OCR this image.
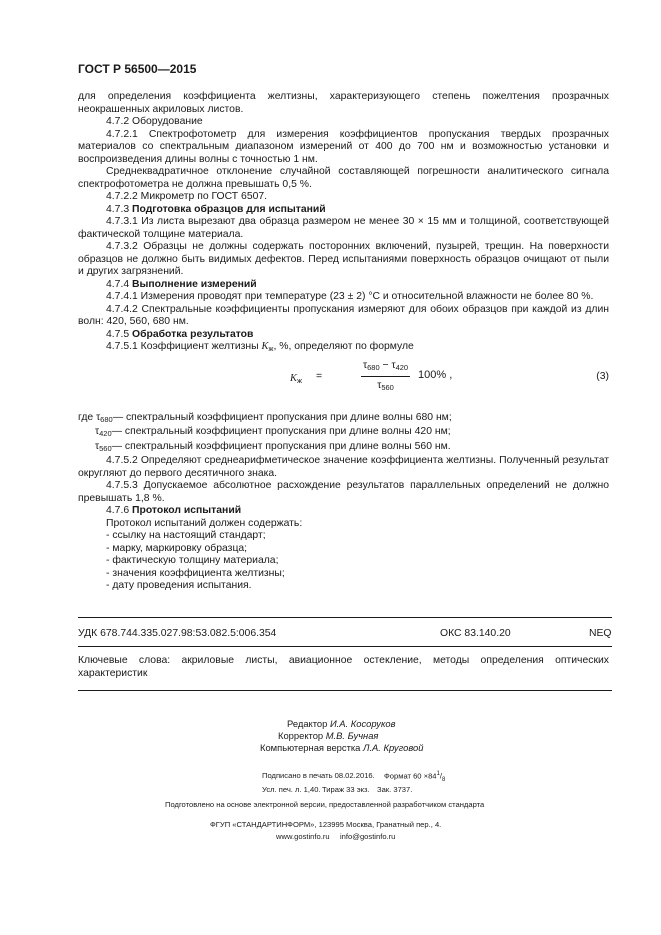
ГОСТ Р 56500—2015

для определения коэффициента желтизны, характеризующего степень пожелтения прозрачных неокрашенных акриловых листов.

4.7.2 Оборудование

4.7.2.1 Спектрофотометр для измерения коэффициентов пропускания твердых прозрачных материалов со спектральным диапазоном измерений от 400 до 700 нм и возможностью установки и воспроизведения длины волны с точностью 1 нм.

Среднеквадратичное отклонение случайной составляющей погрешности аналитического сигнала спектрофотометра не должна превышать 0,5 %.

4.7.2.2 Микрометр по ГОСТ 6507.

4.7.3 Подготовка образцов для испытаний

4.7.3.1 Из листа вырезают два образца размером не менее 30 × 15 мм и толщиной, соответствующей фактической толщине материала.

4.7.3.2 Образцы не должны содержать посторонних включений, пузырей, трещин. На поверхности образцов не должно быть видимых дефектов. Перед испытаниями поверхность образцов очищают от пыли и других загрязнений.

4.7.4 Выполнение измерений

4.7.4.1 Измерения проводят при температуре (23 ± 2) °С и относительной влажности не более 80 %.

4.7.4.2 Спектральные коэффициенты пропускания измеряют для обоих образцов при каждой из длин волн: 420, 560, 680 нм.

4.7.5 Обработка результатов

4.7.5.1 Коэффициент желтизны $K_ж$, %, определяют по формуле

$K_ж$ =	$\frac{\tau_{680} - \tau_{420}}{\tau_{560}} 100\%$ ,	(3)

где $\tau_{680}—$ спектральный коэффициент пропускания при длине волны 680 нм;

$\tau_{420}—$ спектральный коэффициент пропускания при длине волны 420 нм;

$\tau_{560}—$ спектральный коэффициент пропускания при длине волны 560 нм.

4.7.5.2 Определяют среднеарифметическое значение коэффициента желтизны. Полученный результат округляют до первого десятичного знака.

4.7.5.3 Допускаемое абсолютное расхождение результатов параллельных определений не должно превышать 1,8 %.

4.7.6 Протокол испытаний

Протокол испытаний должен содержать:

- ссылку на настоящий стандарт;

- марку, маркировку образца;

- фактическую толщину материала;

- значения коэффициента желтизны;

- дату проведения испытания.

УДК 678.744.335.027.98:53.082.5:006.354	ОКС 83.140.20	NEQ
Ключевые слова: акриловые листы, авиационное остекление, методы определения оптических характеристик
Редактор И.А. Косоруков
Корректор М.В. Бучная
Компьютерная верстка Л.А. Круговой
Подписано в печать 08.02.2016. Формат $60 \times 84^1/_8$
Усл. печ. л. 1,40. Тираж 33 экз. Зак. 3737.
Подготовлено на основе электронной версии, предоставленной разработчиком стандарта
ФГУП «СТАНДАРТИНФОРМ», 123995 Москва, Гранатный пер., 4.
www.gostinfo.ru info@gostinfo.ru
